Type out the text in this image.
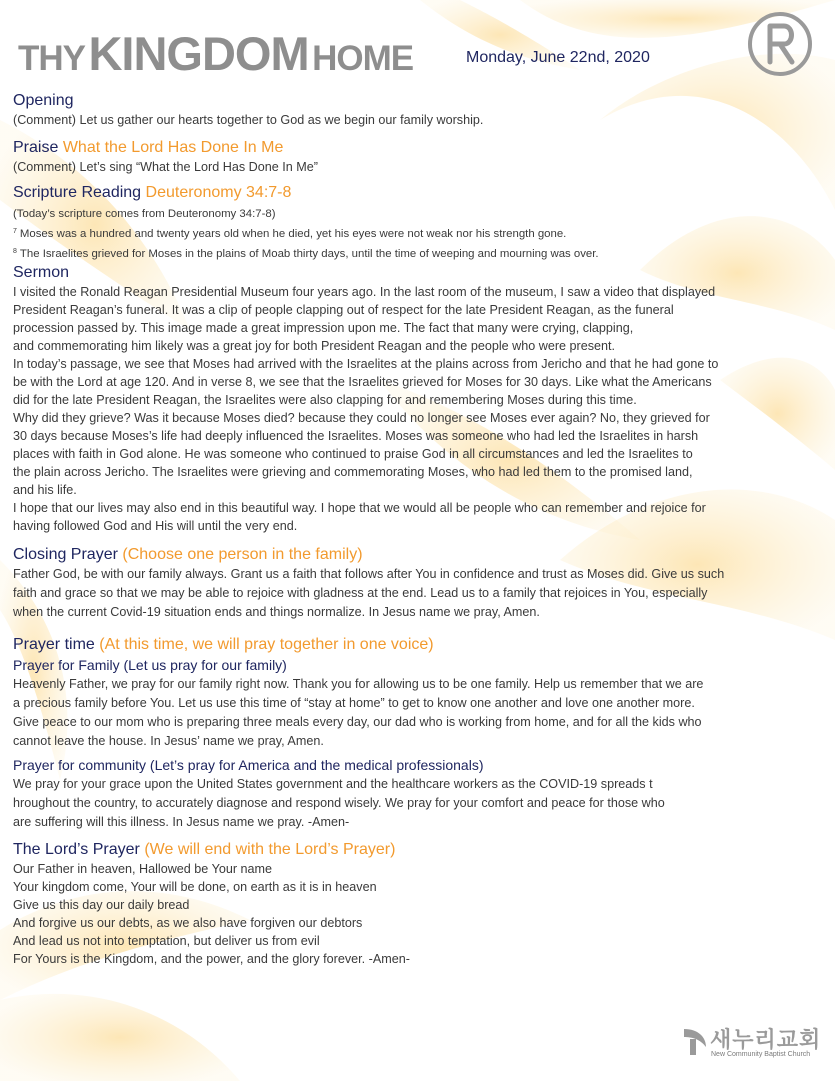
THY KINGDOM HOME	Monday, June 22nd, 2020
Opening
(Comment) Let us gather our hearts together to God as we begin our family worship.
Praise What the Lord Has Done In Me
(Comment) Let’s sing “What the Lord Has Done In Me”
Scripture Reading Deuteronomy 34:7-8
(Today’s scripture comes from Deuteronomy 34:7-8)
$^7$ Moses was a hundred and twenty years old when he died, yet his eyes were not weak nor his strength gone.
$^8$ The Israelites grieved for Moses in the plains of Moab thirty days, until the time of weeping and mourning was over.
Sermon
I visited the Ronald Reagan Presidential Museum four years ago. In the last room of the museum, I saw a video that displayed
President Reagan’s funeral. It was a clip of people clapping out of respect for the late President Reagan, as the funeral
procession passed by. This image made a great impression upon me. The fact that many were crying, clapping,
and commemorating him likely was a great joy for both President Reagan and the people who were present.
In today’s passage, we see that Moses had arrived with the Israelites at the plains across from Jericho and that he had gone to
be with the Lord at age 120. And in verse 8, we see that the Israelites grieved for Moses for 30 days. Like what the Americans
did for the late President Reagan, the Israelites were also clapping for and remembering Moses during this time.
Why did they grieve? Was it because Moses died? because they could no longer see Moses ever again? No, they grieved for
30 days because Moses’s life had deeply influenced the Israelites. Moses was someone who had led the Israelites in harsh
places with faith in God alone. He was someone who continued to praise God in all circumstances and led the Israelites to
the plain across Jericho. The Israelites were grieving and commemorating Moses, who had led them to the promised land,
and his life.
I hope that our lives may also end in this beautiful way. I hope that we would all be people who can remember and rejoice for
having followed God and His will until the very end.
Closing Prayer (Choose one person in the family)
Father God, be with our family always. Grant us a faith that follows after You in confidence and trust as Moses did. Give us such
faith and grace so that we may be able to rejoice with gladness at the end. Lead us to a family that rejoices in You, especially
when the current Covid-19 situation ends and things normalize. In Jesus name we pray, Amen.
Prayer time (At this time, we will pray together in one voice)
Prayer for Family (Let us pray for our family)
Heavenly Father, we pray for our family right now. Thank you for allowing us to be one family. Help us remember that we are
a precious family before You. Let us use this time of “stay at home” to get to know one another and love one another more.
Give peace to our mom who is preparing three meals every day, our dad who is working from home, and for all the kids who
cannot leave the house. In Jesus’ name we pray, Amen.
Prayer for community (Let’s pray for America and the medical professionals)
We pray for your grace upon the United States government and the healthcare workers as the COVID-19 spreads t
hroughout the country, to accurately diagnose and respond wisely. We pray for your comfort and peace for those who
are suffering will this illness. In Jesus name we pray. -Amen-
The Lord’s Prayer (We will end with the Lord’s Prayer)
Our Father in heaven, Hallowed be Your name
Your kingdom come, Your will be done, on earth as it is in heaven
Give us this day our daily bread
And forgive us our debts, as we also have forgiven our debtors
And lead us not into temptation, but deliver us from evil
For Yours is the Kingdom, and the power, and the glory forever. -Amen-
새누리교회
New Community Baptist Church
